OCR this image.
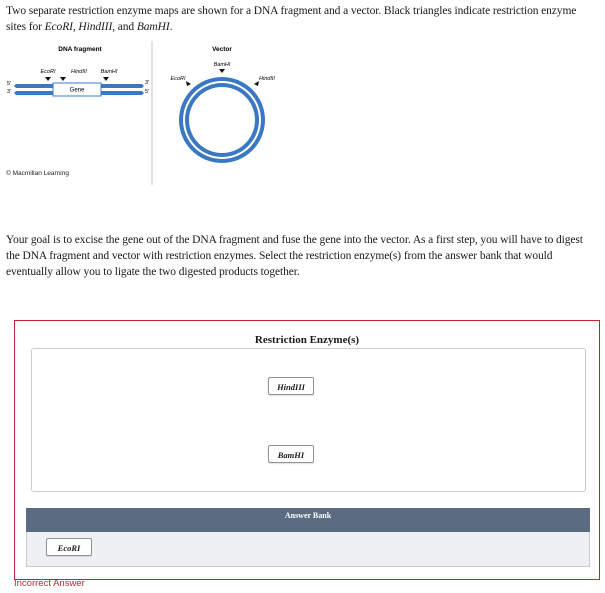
Two separate restriction enzyme maps are shown for a DNA fragment and a vector. Black triangles indicate restriction enzyme sites for EcoRI, HindIII, and BamHI.
DNA fragment
EcoRI	HindIII BamHI
5′
3′	Gene
3′
5′
Vector
BamHI
EcoRI	HindIII
© Macmillan Learning
Your goal is to excise the gene out of the DNA fragment and fuse the gene into the vector. As a first step, you will have to digest the DNA fragment and vector with restriction enzymes. Select the restriction enzyme(s) from the answer bank that would eventually allow you to ligate the two digested products together.
Restriction Enzyme(s)
HindIII
BamHI
Answer Bank
EcoRI
Incorrect Answer
